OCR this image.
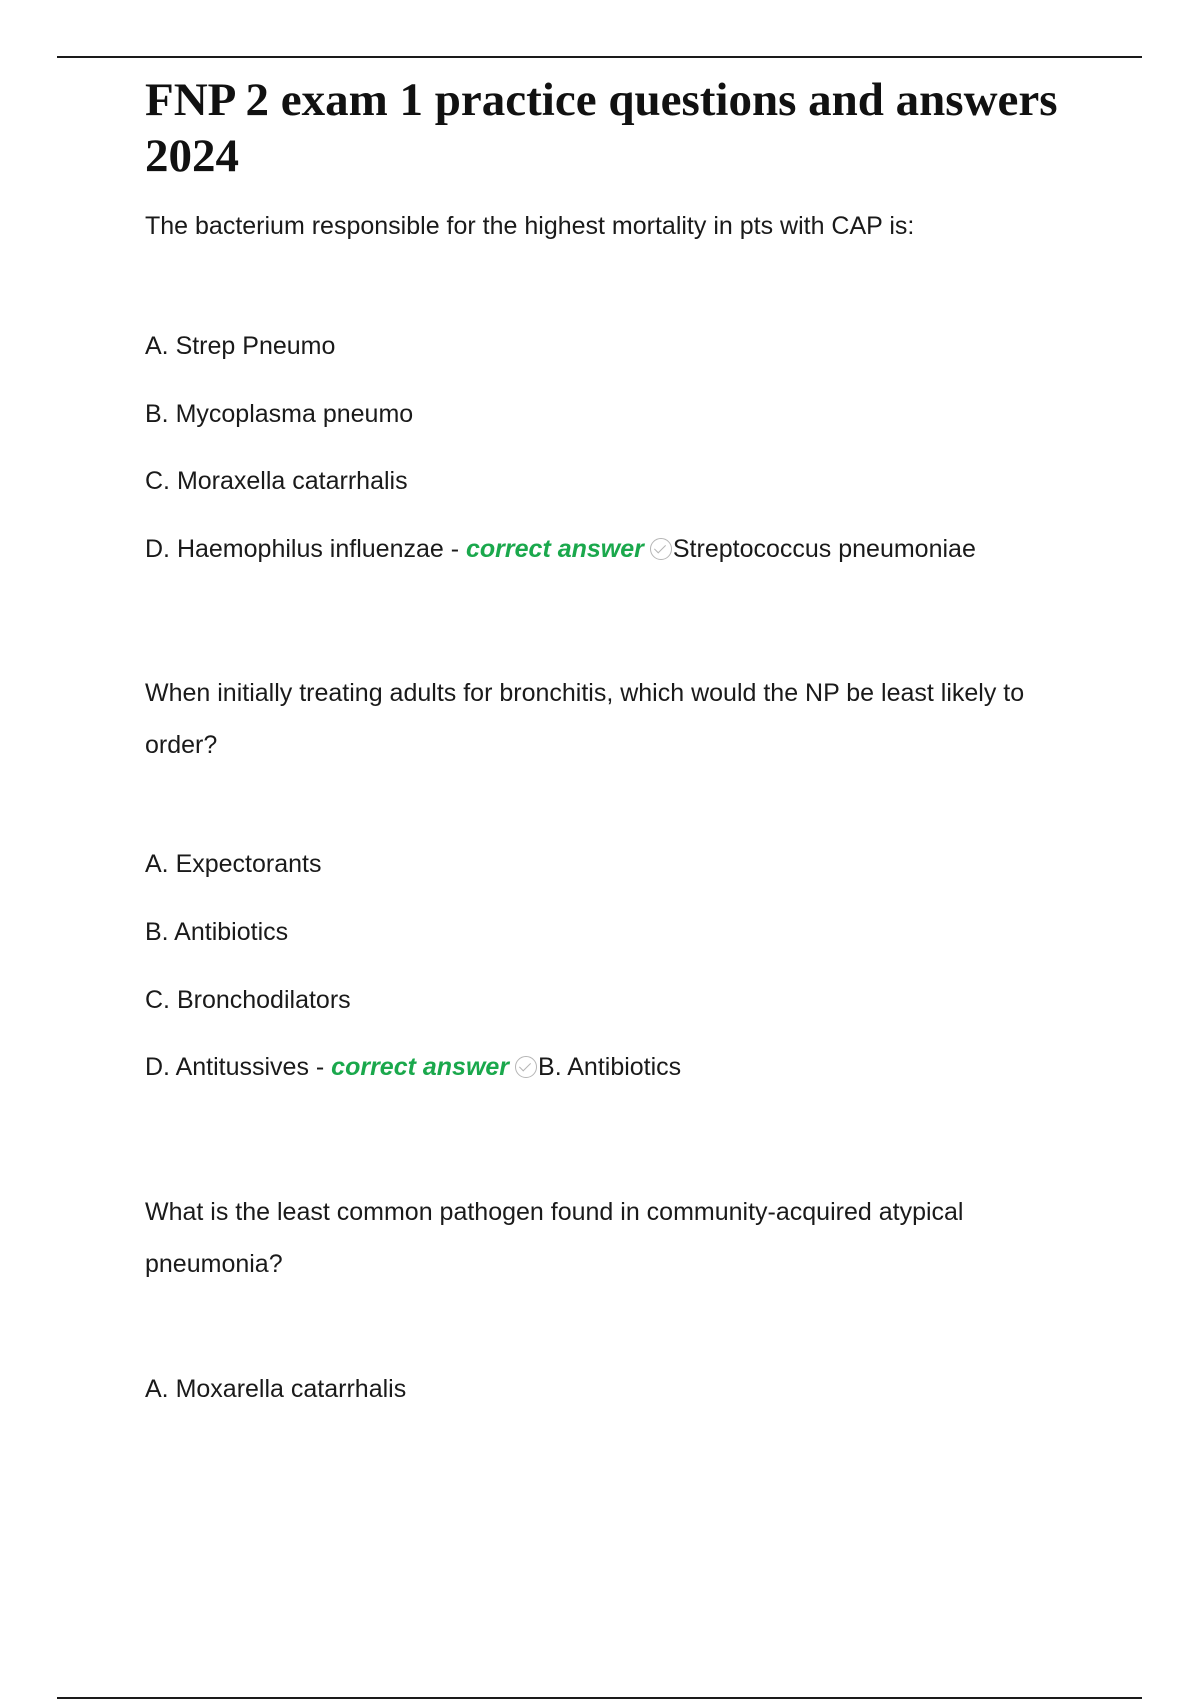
FNP 2 exam 1 practice questions and answers 2024

The bacterium responsible for the highest mortality in pts with CAP is:

A. Strep Pneumo

B. Mycoplasma pneumo

C. Moraxella catarrhalis

D. Haemophilus influenzae - correct answer Streptococcus pneumoniae

When initially treating adults for bronchitis, which would the NP be least likely to order?

A. Expectorants

B. Antibiotics

C. Bronchodilators

D. Antitussives - correct answer B. Antibiotics

What is the least common pathogen found in community-acquired atypical pneumonia?

A. Moxarella catarrhalis
